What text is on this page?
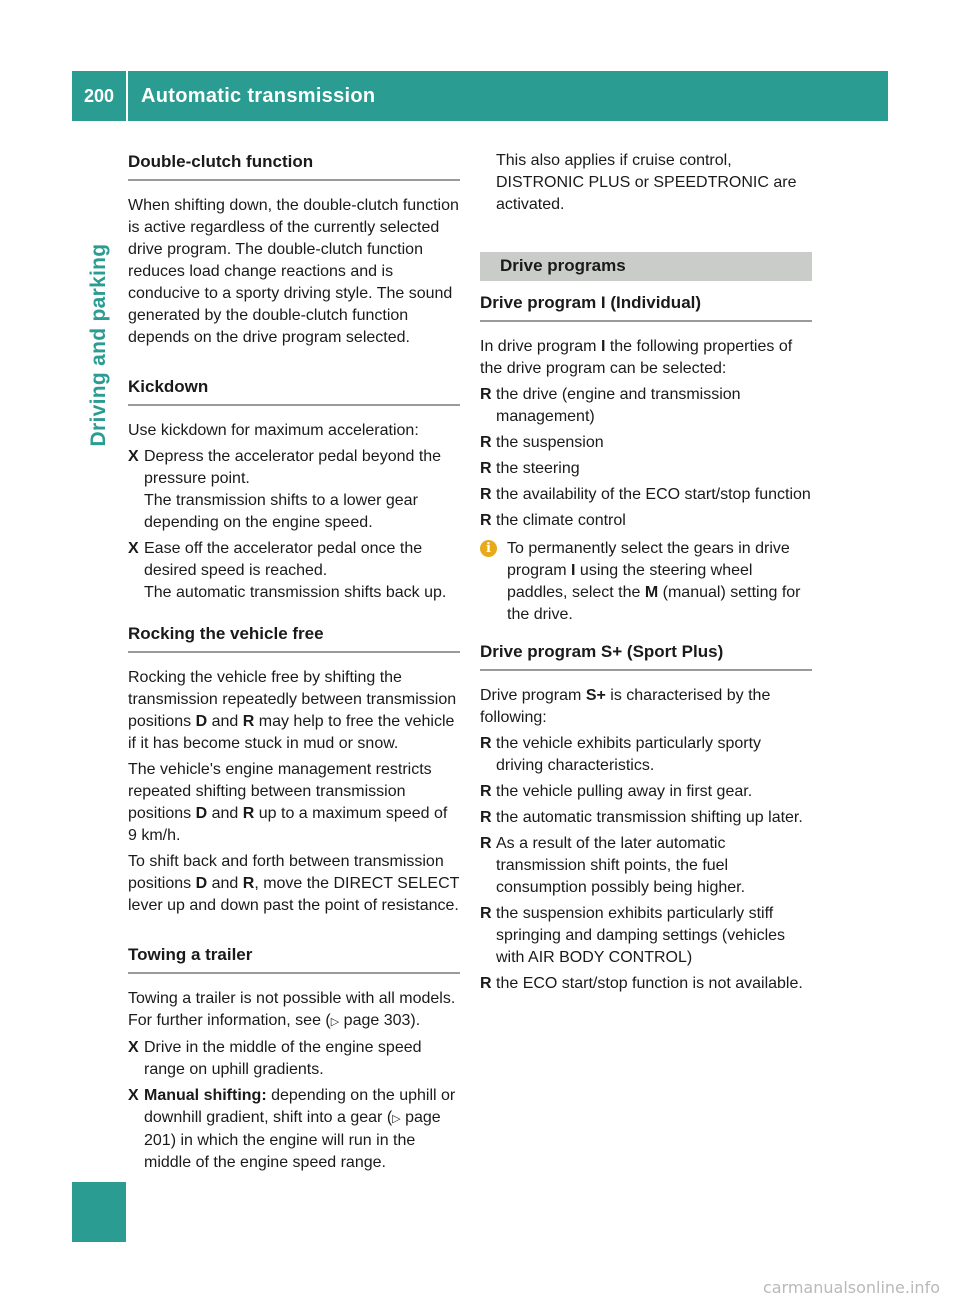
200	Automatic transmission
Driving and parking
Double-clutch function

When shifting down, the double-clutch function is active regardless of the currently selected drive program. The double-clutch function reduces load change reactions and is conducive to a sporty driving style. The sound generated by the double-clutch function depends on the drive program selected.

Kickdown

Use kickdown for maximum acceleration:

X Depress the accelerator pedal beyond the pressure point.
The transmission shifts to a lower gear depending on the engine speed.
X Ease off the accelerator pedal once the desired speed is reached.
The automatic transmission shifts back up.
Rocking the vehicle free

Rocking the vehicle free by shifting the transmission repeatedly between transmission positions D and R may help to free the vehicle if it has become stuck in mud or snow.

The vehicle's engine management restricts repeated shifting between transmission positions D and R up to a maximum speed of 9 km/h.

To shift back and forth between transmission positions D and R, move the DIRECT SELECT lever up and down past the point of resistance.

Towing a trailer

Towing a trailer is not possible with all models. For further information, see (▷ page 303).

X Drive in the middle of the engine speed range on uphill gradients.
X Manual shifting: depending on the uphill or downhill gradient, shift into a gear (▷ page 201) in which the engine will run in the middle of the engine speed range.

This also applies if cruise control, DISTRONIC PLUS or SPEEDTRONIC are activated.

Drive programs
Drive program I (Individual)

In drive program I the following properties of the drive program can be selected:

R the drive (engine and transmission management)
R the suspension
R the steering
R the availability of the ECO start/stop function
R the climate control
i	To permanently select the gears in drive program I using the steering wheel paddles, select the M (manual) setting for the drive.
Drive program S+ (Sport Plus)

Drive program S+ is characterised by the following:

R the vehicle exhibits particularly sporty driving characteristics.
R the vehicle pulling away in first gear.
R the automatic transmission shifting up later.
R As a result of the later automatic transmission shift points, the fuel consumption possibly being higher.
R the suspension exhibits particularly stiff springing and damping settings (vehicles with AIR BODY CONTROL)
R the ECO start/stop function is not available.
carmanualsonline.info
